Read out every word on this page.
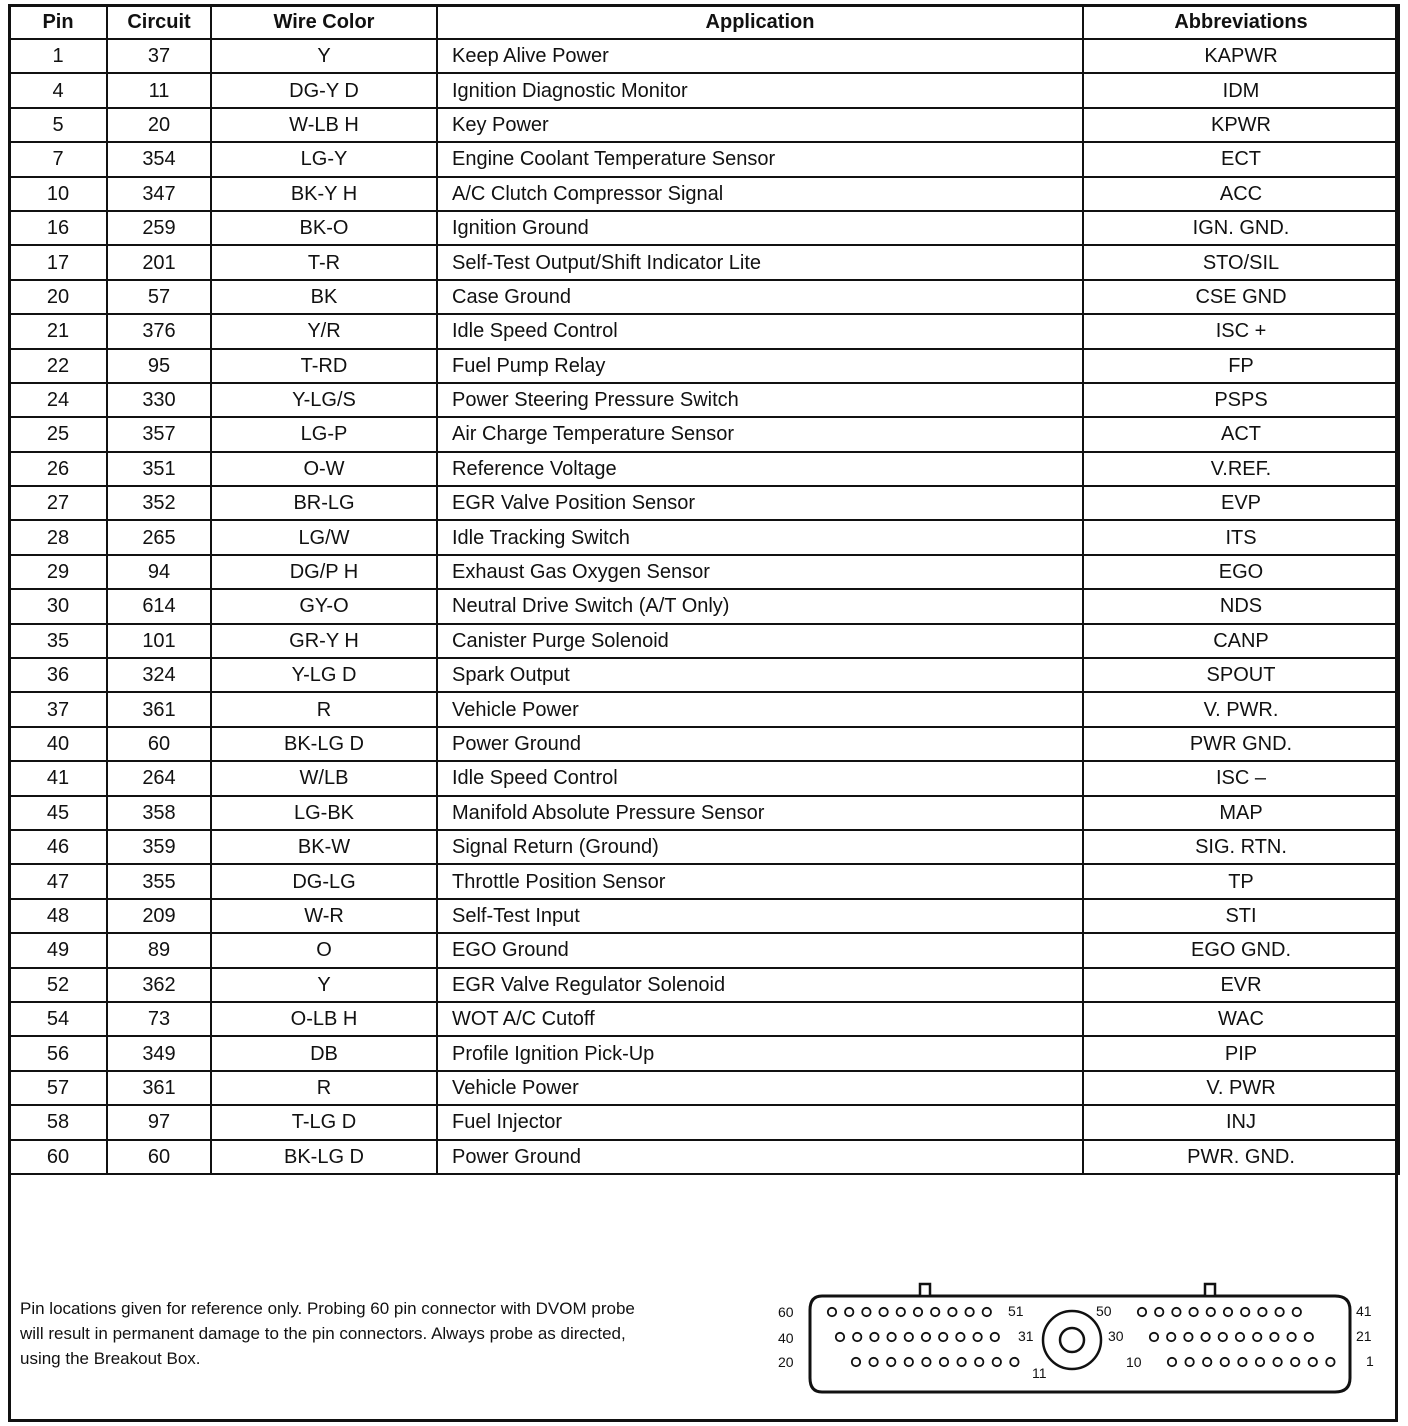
Pin	Circuit	Wire Color	Application	Abbreviations
1	37	Y	Keep Alive Power	KAPWR
4	11	DG-Y D	Ignition Diagnostic Monitor	IDM
5	20	W-LB H	Key Power	KPWR
7	354	LG-Y	Engine Coolant Temperature Sensor	ECT
10	347	BK-Y H	A/C Clutch Compressor Signal	ACC
16	259	BK-O	Ignition Ground	IGN. GND.
17	201	T-R	Self-Test Output/Shift Indicator Lite	STO/SIL
20	57	BK	Case Ground	CSE GND
21	376	Y/R	Idle Speed Control	ISC +
22	95	T-RD	Fuel Pump Relay	FP
24	330	Y-LG/S	Power Steering Pressure Switch	PSPS
25	357	LG-P	Air Charge Temperature Sensor	ACT
26	351	O-W	Reference Voltage	V.REF.
27	352	BR-LG	EGR Valve Position Sensor	EVP
28	265	LG/W	Idle Tracking Switch	ITS
29	94	DG/P H	Exhaust Gas Oxygen Sensor	EGO
30	614	GY-O	Neutral Drive Switch (A/T Only)	NDS
35	101	GR-Y H	Canister Purge Solenoid	CANP
36	324	Y-LG D	Spark Output	SPOUT
37	361	R	Vehicle Power	V. PWR.
40	60	BK-LG D	Power Ground	PWR GND.
41	264	W/LB	Idle Speed Control	ISC –
45	358	LG-BK	Manifold Absolute Pressure Sensor	MAP
46	359	BK-W	Signal Return (Ground)	SIG. RTN.
47	355	DG-LG	Throttle Position Sensor	TP
48	209	W-R	Self-Test Input	STI
49	89	O	EGO Ground	EGO GND.
52	362	Y	EGR Valve Regulator Solenoid	EVR
54	73	O-LB H	WOT A/C Cutoff	WAC
56	349	DB	Profile Ignition Pick-Up	PIP
57	361	R	Vehicle Power	V. PWR
58	97	T-LG D	Fuel Injector	INJ
60	60	BK-LG D	Power Ground	PWR. GND.
Pin locations given for reference only. Probing 60 pin connector with DVOM probe
will result in permanent damage to the pin connectors. Always probe as directed,
using the Breakout Box.
60
40
20
41
21
1
51
31
11
50
30
10
